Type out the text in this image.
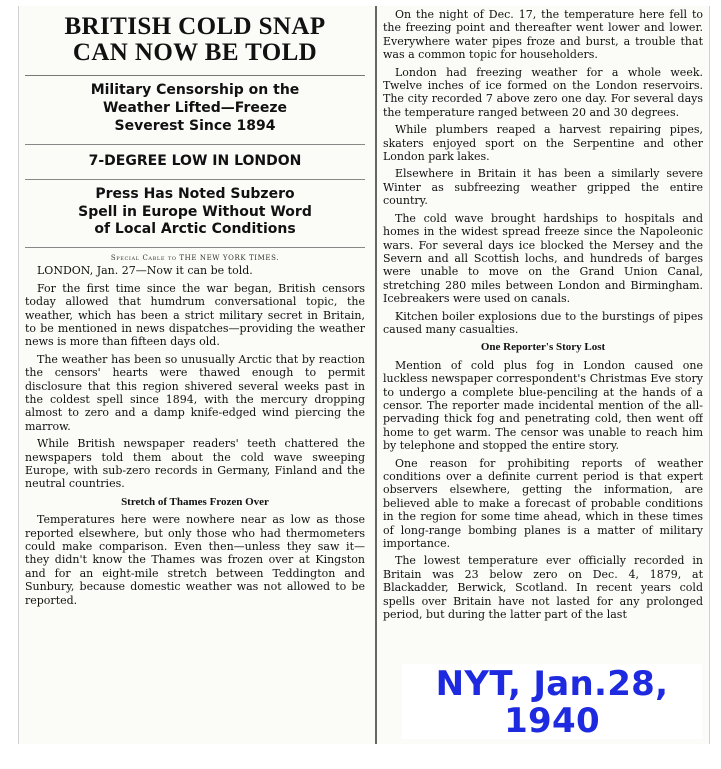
BRITISH COLD SNAP
CAN NOW BE TOLD
Military Censorship on the
Weather Lifted—Freeze
Severest Since 1894
7-DEGREE LOW IN LONDON
Press Has Noted Subzero
Spell in Europe Without Word
of Local Arctic Conditions
Special Cable to THE NEW YORK TIMES.

LONDON, Jan. 27—Now it can be told.

For the first time since the war began, British censors today allowed that humdrum conversational topic, the weather, which has been a strict military secret in Britain, to be mentioned in news dispatches—providing the weather news is more than fifteen days old.

The weather has been so unusually Arctic that by reaction the censors' hearts were thawed enough to permit disclosure that this region shivered several weeks past in the coldest spell since 1894, with the mercury dropping almost to zero and a damp knife-edged wind piercing the marrow.

While British newspaper readers' teeth chattered the newspapers told them about the cold wave sweeping Europe, with sub-zero records in Germany, Finland and the neutral countries.

Stretch of Thames Frozen Over

Temperatures here were nowhere near as low as those reported elsewhere, but only those who had thermometers could make comparison. Even then—unless they saw it—they didn't know the Thames was frozen over at Kingston and for an eight-mile stretch between Teddington and Sunbury, because domestic weather was not allowed to be reported.

On the night of Dec. 17, the temperature here fell to the freezing point and thereafter went lower and lower. Everywhere water pipes froze and burst, a trouble that was a common topic for householders.

London had freezing weather for a whole week. Twelve inches of ice formed on the London reservoirs. The city recorded 7 above zero one day. For several days the temperature ranged between 20 and 30 degrees.

While plumbers reaped a harvest repairing pipes, skaters enjoyed sport on the Serpentine and other London park lakes.

Elsewhere in Britain it has been a similarly severe Winter as subfreezing weather gripped the entire country.

The cold wave brought hardships to hospitals and homes in the widest spread freeze since the Napoleonic wars. For several days ice blocked the Mersey and the Severn and all Scottish lochs, and hundreds of barges were unable to move on the Grand Union Canal, stretching 280 miles between London and Birmingham. Icebreakers were used on canals.

Kitchen boiler explosions due to the burstings of pipes caused many casualties.

One Reporter's Story Lost

Mention of cold plus fog in London caused one luckless newspaper correspondent's Christmas Eve story to undergo a complete blue-penciling at the hands of a censor. The reporter made incidental mention of the all-pervading thick fog and penetrating cold, then went off home to get warm. The censor was unable to reach him by telephone and stopped the entire story.

One reason for prohibiting reports of weather conditions over a definite current period is that expert observers elsewhere, getting the information, are believed able to make a forecast of probable conditions in the region for some time ahead, which in these times of long-range bombing planes is a matter of military importance.

The lowest temperature ever officially recorded in Britain was 23 below zero on Dec. 4, 1879, at Blackadder, Berwick, Scotland. In recent years cold spells over Britain have not lasted for any prolonged period, but during the latter part of the last

NYT, Jan.28,
1940
